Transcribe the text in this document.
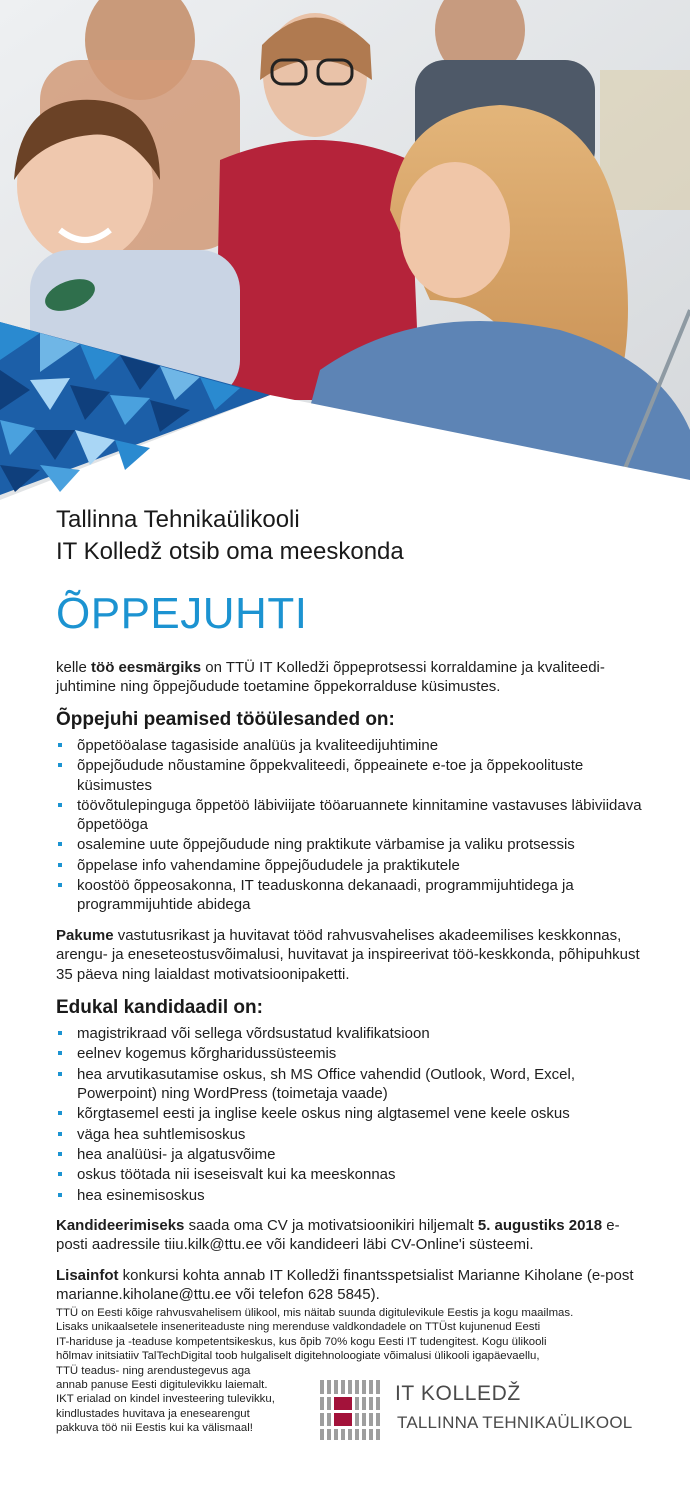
Tallinna Tehnikaülikooli
IT Kolledž otsib oma meeskonda
ÕPPEJUHTI
kelle töö eesmärgiks on TTÜ IT Kolledži õppeprotsessi korraldamine ja kvaliteedi-juhtimine ning õppejõudude toetamine õppekorralduse küsimustes.
Õppejuhi peamised tööülesanded on:
õppetööalase tagasiside analüüs ja kvaliteedijuhtimine
õppejõudude nõustamine õppekvaliteedi, õppeainete e-toe ja õppekoolituste küsimustes
töövõtulepinguga õppetöö läbiviijate tööaruannete kinnitamine vastavuses läbiviidava õppetööga
osalemine uute õppejõudude ning praktikute värbamise ja valiku protsessis
õppelase info vahendamine õppejõududele ja praktikutele
koostöö õppeosakonna, IT teaduskonna dekanaadi, programmijuhtidega ja programmijuhtide abidega
Pakume vastutusrikast ja huvitavat tööd rahvusvahelises akadeemilises keskkonnas, arengu- ja eneseteostusvõimalusi, huvitavat ja inspireerivat töö-keskkonda, põhipuhkust 35 päeva ning laialdast motivatsioonipaketti.
Edukal kandidaadil on:
magistrikraad või sellega võrdsustatud kvalifikatsioon
eelnev kogemus kõrgharidussüsteemis
hea arvutikasutamise oskus, sh MS Office vahendid (Outlook, Word, Excel, Powerpoint) ning WordPress (toimetaja vaade)
kõrgtasemel eesti ja inglise keele oskus ning algtasemel vene keele oskus
väga hea suhtlemisoskus
hea analüüsi- ja algatusvõime
oskus töötada nii iseseisvalt kui ka meeskonnas
hea esinemisoskus
Kandideerimiseks saada oma CV ja motivatsioonikiri hiljemalt 5. augustiks 2018 e-posti aadressile tiiu.kilk@ttu.ee või kandideeri läbi CV-Online'i süsteemi.
Lisainfot konkursi kohta annab IT Kolledži finantsspetsialist Marianne Kiholane (e-post marianne.kiholane@ttu.ee või telefon 628 5845).
TTÜ on Eesti kõige rahvusvahelisem ülikool, mis näitab suunda digitulevikule Eestis ja kogu maailmas.
Lisaks unikaalsetele inseneriteaduste ning merenduse valdkondadele on TTÜst kujunenud Eesti
IT-hariduse ja -teaduse kompetentsikeskus, kus õpib 70% kogu Eesti IT tudengitest. Kogu ülikooli
hõlmav initsiatiiv TalTechDigital toob hulgaliselt digitehnoloogiate võimalusi ülikooli igapäevaellu,
TTÜ teadus- ning arendustegevus aga
annab panuse Eesti digitulevikku laiemalt.
IKT erialad on kindel investeering tulevikku,
kindlustades huvitava ja enesearengut
pakkuva töö nii Eestis kui ka välismaal!
IT KOLLEDŽ
TALLINNA TEHNIKAÜLIKOOL
